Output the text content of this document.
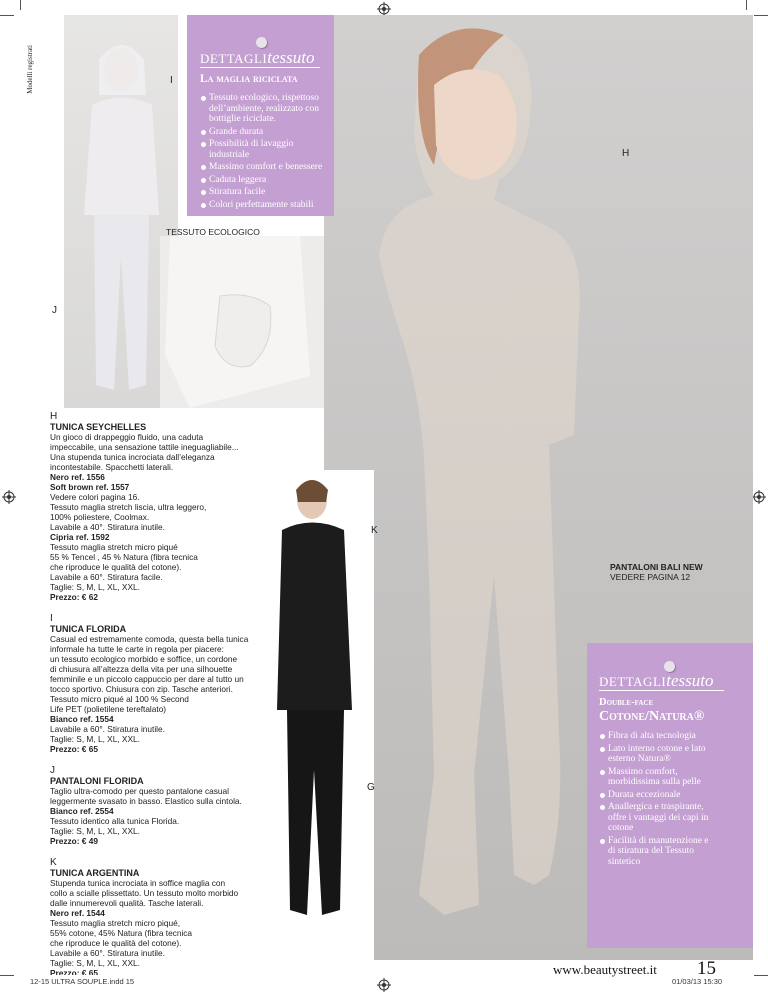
Modelli registrati	I
H
TESSUTO ECOLOGICO
J
K
G
DETTAGLItessuto
La maglia riciclata
Tessuto ecologico, rispettoso dell’ambiente, realizzato con bottiglie riciclate.
Grande durata
Possibilità di lavaggio industriale
Massimo comfort e benessere
Caduta leggera
Stiratura facile
Colori perfettamente stabili
DETTAGLItessuto
Double-face
Cotone/Natura®
Fibra di alta tecnologia
Lato interno cotone e lato esterno Natura®
Massimo comfort, morbidissima sulla pelle
Durata eccezionale
Anallergica e traspirante, offre i vantaggi dei capi in cotone
Facilità di manutenzione e di stiratura del Tessuto sintetico
PANTALONI BALI NEW
VEDERE PAGINA 12
H
TUNICA SEYCHELLES
Un gioco di drappeggio fluido, una caduta
impeccabile, una sensazione tattile ineguagliabile...
Una stupenda tunica incrociata dall’eleganza
incontestabile. Spacchetti laterali.
Nero ref. 1556
Soft brown ref. 1557
Vedere colori pagina 16.
Tessuto maglia stretch liscia, ultra leggero,
100% poliestere, Coolmax.
Lavabile a 40°. Stiratura inutile.
Cipria ref. 1592
Tessuto maglia stretch micro piqué
55 % Tencel , 45 % Natura (fibra tecnica
che riproduce le qualità del cotone).
Lavabile a 60°. Stiratura facile.
Taglie: S, M, L, XL, XXL.
Prezzo: € 62
I
TUNICA FLORIDA
Casual ed estremamente comoda, questa bella tunica
informale ha tutte le carte in regola per piacere:
un tessuto ecologico morbido e soffice, un cordone
di chiusura all’altezza della vita per una silhouette
femminile e un piccolo cappuccio per dare al tutto un
tocco sportivo. Chiusura con zip. Tasche anteriori.
Tessuto micro piqué al 100 % Second
Life PET (polietilene tereftalato)
Bianco ref. 1554
Lavabile a 60°. Stiratura inutile.
Taglie: S, M, L, XL, XXL.
Prezzo: € 65
J
PANTALONI FLORIDA
Taglio ultra-comodo per questo pantalone casual
leggermente svasato in basso. Elastico sulla cintola.
Bianco ref. 2554
Tessuto identico alla tunica Florida.
Taglie: S, M, L, XL, XXL.
Prezzo: € 49
K
TUNICA ARGENTINA
Stupenda tunica incrociata in soffice maglia con
collo a scialle plissettato. Un tessuto molto morbido
dalle innumerevoli qualità. Tasche laterali.
Nero ref. 1544
Tessuto maglia stretch micro piqué,
55% cotone, 45% Natura (fibra tecnica
che riproduce le qualità del cotone).
Lavabile a 60°. Stiratura inutile.
Taglie: S, M, L, XL, XXL.
Prezzo: € 65	www.beautystreet.it 15
12-15 ULTRA SOUPLE.indd 15	01/03/13 15:30
